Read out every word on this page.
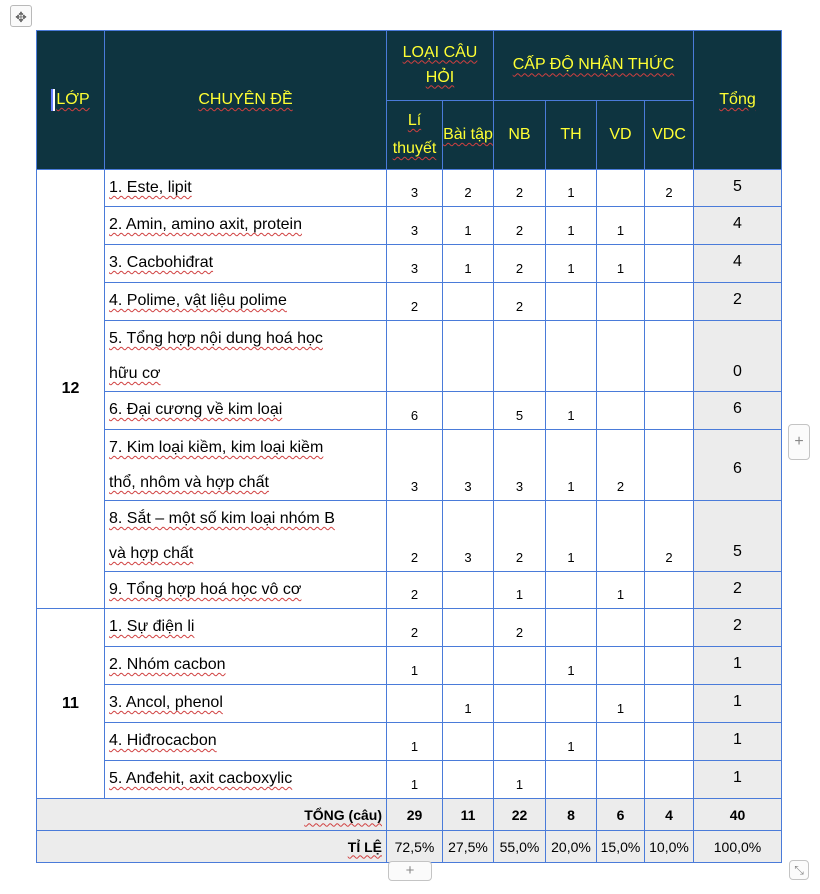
✥
LỚP	CHUYÊN ĐỀ	LOẠI CÂU HỎI		CẤP ĐỘ NHẬN THỨC				Tổng
		Lí thuyết	Bài tập	NB	TH	VD	VDC	
12	1. Este, lipit	3	2	2	1		2	5
	2. Amin, amino axit, protein	3	1	2	1	1		4
	3. Cacbohiđrat	3	1	2	1	1		4
	4. Polime, vật liệu polime	2		2				2
	5. Tổng hợp nội dung hoá học
hữu cơ							0
	6. Đại cương về kim loại	6		5	1			6
	7. Kim loại kiềm, kim loại kiềm
thổ, nhôm và hợp chất	3	3	3	1	2		6
	8. Sắt – một số kim loại nhóm B
và hợp chất	2	3	2	1		2	5
	9. Tổng hợp hoá học vô cơ	2		1		1		2
11	1. Sự điện li	2		2				2
	2. Nhóm cacbon	1			1			1
	3. Ancol, phenol		1			1		1
	4. Hiđrocacbon	1			1			1
	5. Anđehit, axit cacboxylic	1		1				1
TỔNG (câu)		29	11	22	8	6	4	40
TỈ LỆ		72,5%	27,5%	55,0%	20,0%	15,0%	10,0%	100,0%
+
+	⤡
